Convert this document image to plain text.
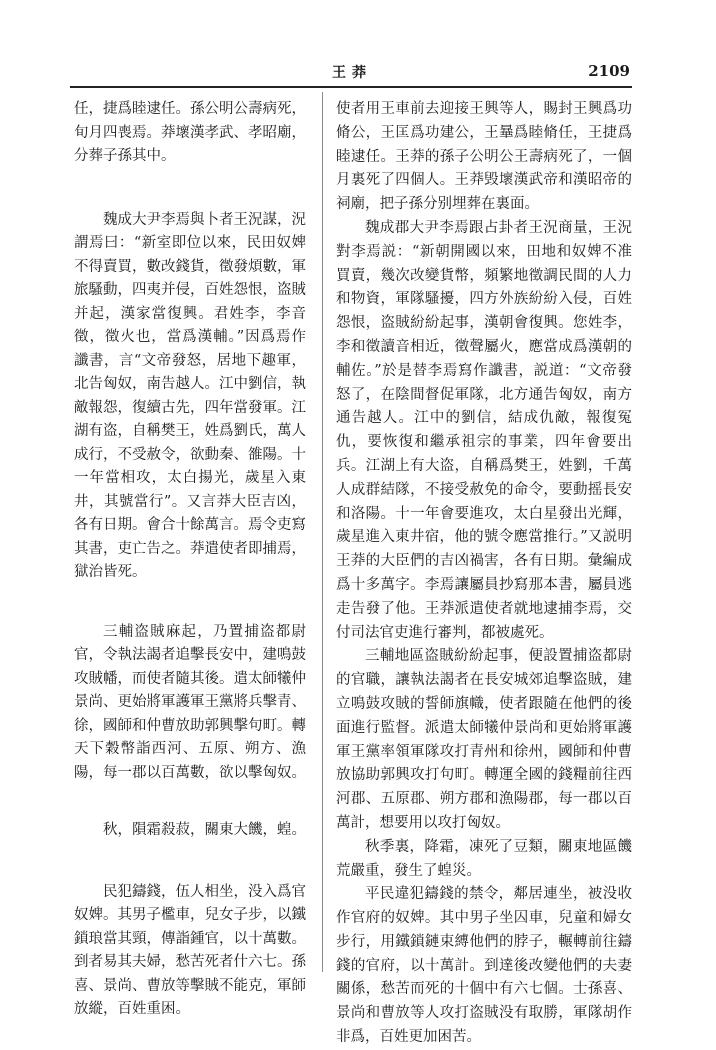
王莽	2109

任，捷爲睦逮任。孫公明公壽病死，旬月四喪焉。莽壞漢孝武、孝昭廟，分葬子孫其中。

魏成大尹李焉與卜者王況謀，況謂焉曰：“新室即位以來，民田奴婢不得賣買，數改錢貨，徵發煩數，軍旅騷動，四夷并侵，百姓怨恨，盗賊并起，漢家當復興。君姓李，李音徵，徵火也，當爲漢輔。”因爲焉作讖書，言“文帝發怒，居地下趣軍，北告匈奴，南告越人。江中劉信，執敵報怨，復續古先，四年當發軍。江湖有盗，自稱樊王，姓爲劉氏，萬人成行，不受赦令，欲動秦、雒陽。十一年當相攻，太白揚光，歲星入東井，其號當行”。又言莽大臣吉凶，各有日期。會合十餘萬言。焉令吏寫其書，吏亡告之。莽遣使者即捕焉，獄治皆死。

三輔盗賊麻起，乃置捕盗都尉官，令執法謁者追擊長安中，建鳴鼓攻賊幡，而使者隨其後。遣太師犧仲景尚、更始將軍護軍王黨將兵擊青、徐，國師和仲曹放助郭興擊句町。轉天下穀幣詣西河、五原、朔方、漁陽，每一郡以百萬數，欲以擊匈奴。

秋，隕霜殺菽，關東大饑，蝗。

民犯鑄錢，伍人相坐，没入爲官奴婢。其男子檻車，兒女子步，以鐵鎖琅當其頸，傳詣鍾官，以十萬數。到者易其夫婦，愁苦死者什六七。孫喜、景尚、曹放等擊賊不能克，軍師放縱，百姓重困。

使者用王車前去迎接王興等人，賜封王興爲功脩公，王匡爲功建公，王曅爲睦脩任，王捷爲睦逮任。王莽的孫子公明公王壽病死了，一個月裏死了四個人。王莽毁壞漢武帝和漢昭帝的祠廟，把子孫分别埋葬在裏面。

魏成郡大尹李焉跟占卦者王況商量，王況對李焉説：“新朝開國以來，田地和奴婢不准買賣，幾次改變貨幣，頻繁地徵調民間的人力和物資，軍隊騷擾，四方外族紛紛入侵，百姓怨恨，盗賊紛紛起事，漢朝會復興。您姓李，李和徵讀音相近，徵聲屬火，應當成爲漢朝的輔佐。”於是替李焉寫作讖書，説道：“文帝發怒了，在陰間督促軍隊，北方通告匈奴，南方通告越人。江中的劉信，結成仇敵，報復冤仇，要恢復和繼承祖宗的事業，四年會要出兵。江湖上有大盗，自稱爲樊王，姓劉，千萬人成群結隊，不接受赦免的命令，要動摇長安和洛陽。十一年會要進攻，太白星發出光輝，歲星進入東井宿，他的號令應當推行。”又説明王莽的大臣們的吉凶禍害，各有日期。彙編成爲十多萬字。李焉讓屬員抄寫那本書，屬員逃走告發了他。王莽派遣使者就地逮捕李焉，交付司法官吏進行審判，都被處死。

三輔地區盗賊紛紛起事，便設置捕盗都尉的官職，讓執法謁者在長安城郊追擊盗賊，建立鳴鼓攻賊的誓師旗幟，使者跟隨在他們的後面進行監督。派遣太師犧仲景尚和更始將軍護軍王黨率領軍隊攻打青州和徐州，國師和仲曹放協助郭興攻打句町。轉運全國的錢糧前往西河郡、五原郡、朔方郡和漁陽郡，每一郡以百萬計，想要用以攻打匈奴。

秋季裏，降霜，凍死了豆類，關東地區饑荒嚴重，發生了蝗災。

平民違犯鑄錢的禁令，鄰居連坐，被没收作官府的奴婢。其中男子坐囚車，兒童和婦女步行，用鐵鎖鏈束縛他們的脖子，輾轉前往鑄錢的官府，以十萬計。到達後改變他們的夫妻關係，愁苦而死的十個中有六七個。士孫喜、景尚和曹放等人攻打盗賊没有取勝，軍隊胡作非爲，百姓更加困苦。
